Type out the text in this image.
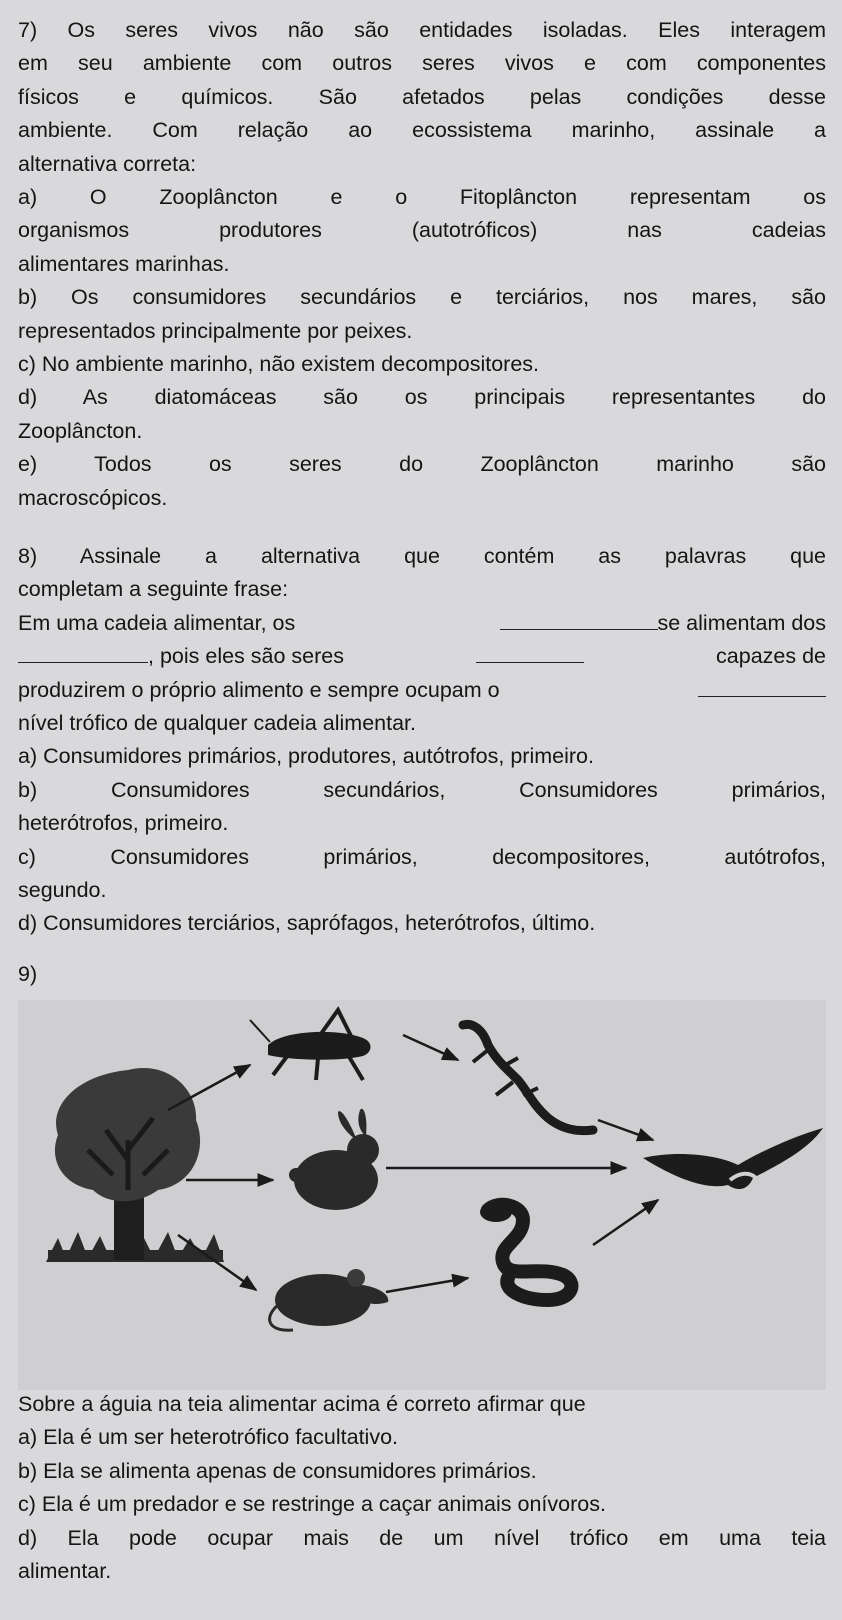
7) Os seres vivos não são entidades isoladas. Eles interagem

em seu ambiente com outros seres vivos e com componentes

físicos e químicos. São afetados pelas condições desse

ambiente. Com relação ao ecossistema marinho, assinale a

alternativa correta:

a) O Zooplâncton e o Fitoplâncton representam os

organismos produtores (autotróficos) nas cadeias

alimentares marinhas.

b) Os consumidores secundários e terciários, nos mares, são

representados principalmente por peixes.

c) No ambiente marinho, não existem decompositores.

d) As diatomáceas são os principais representantes do

Zooplâncton.

e) Todos os seres do Zooplâncton marinho são

macroscópicos.

8) Assinale a alternativa que contém as palavras que

completam a seguinte frase:

Em uma cadeia alimentar, os	se alimentam dos

, pois eles são seres	capazes de

produzirem o próprio alimento e sempre ocupam o

nível trófico de qualquer cadeia alimentar.

a) Consumidores primários, produtores, autótrofos, primeiro.

b) Consumidores secundários, Consumidores primários,

heterótrofos, primeiro.

c) Consumidores primários, decompositores, autótrofos,

segundo.

d) Consumidores terciários, saprófagos, heterótrofos, último.

9)

Sobre a águia na teia alimentar acima é correto afirmar que

a) Ela é um ser heterotrófico facultativo.

b) Ela se alimenta apenas de consumidores primários.

c) Ela é um predador e se restringe a caçar animais onívoros.

d) Ela pode ocupar mais de um nível trófico em uma teia

alimentar.
